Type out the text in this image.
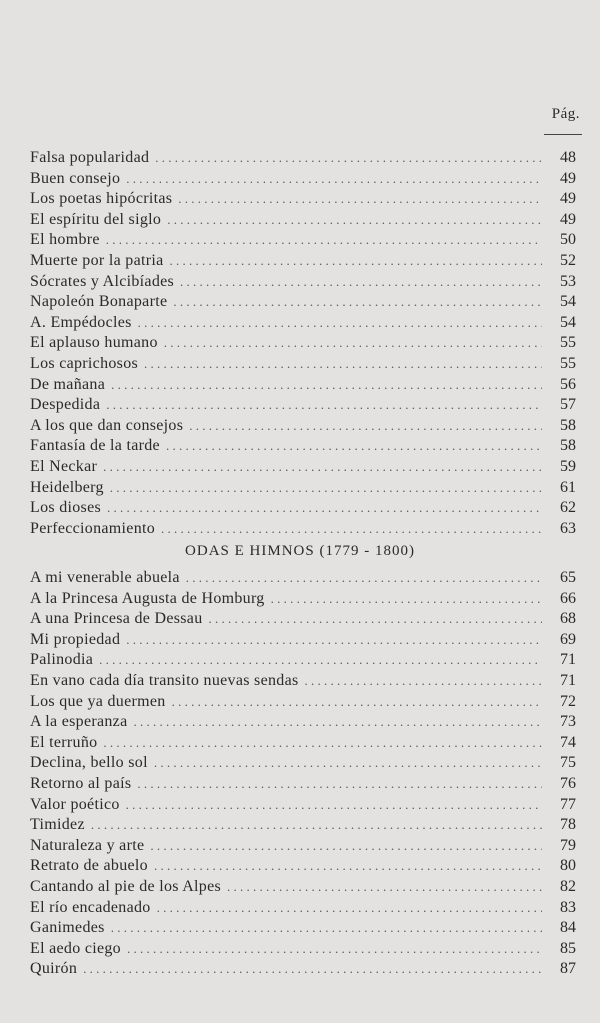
Pág.
Falsa popularidad . . .	48
Buen consejo . . .	49
Los poetas hipócritas . . .	49
El espíritu del siglo . . .	49
El hombre . . .	50
Muerte por la patria . . .	52
Sócrates y Alcibíades . . .	53
Napoleón Bonaparte . . .	54
A. Empédocles . . .	54
El aplauso humano . . .	55
Los caprichosos . . .	55
De mañana . . .	56
Despedida . . .	57
A los que dan consejos . . .	58
Fantasía de la tarde . . .	58
El Neckar . . .	59
Heidelberg . . .	61
Los dioses . . .	62
Perfeccionamiento . . .	63
ODAS E HIMNOS (1779 - 1800)
A mi venerable abuela . . .	65
A la Princesa Augusta de Homburg . . .	66
A una Princesa de Dessau . . .	68
Mi propiedad . . .	69
Palinodia . . .	71
En vano cada día transito nuevas sendas . . .	71
Los que ya duermen . . .	72
A la esperanza . . .	73
El terruño . . .	74
Declina, bello sol . . .	75
Retorno al país . . .	76
Valor poético . . .	77
Timidez . . .	78
Naturaleza y arte . . .	79
Retrato de abuelo . . .	80
Cantando al pie de los Alpes . . .	82
El río encadenado . . .	83
Ganimedes . . .	84
El aedo ciego . . .	85
Quirón . . .	87
